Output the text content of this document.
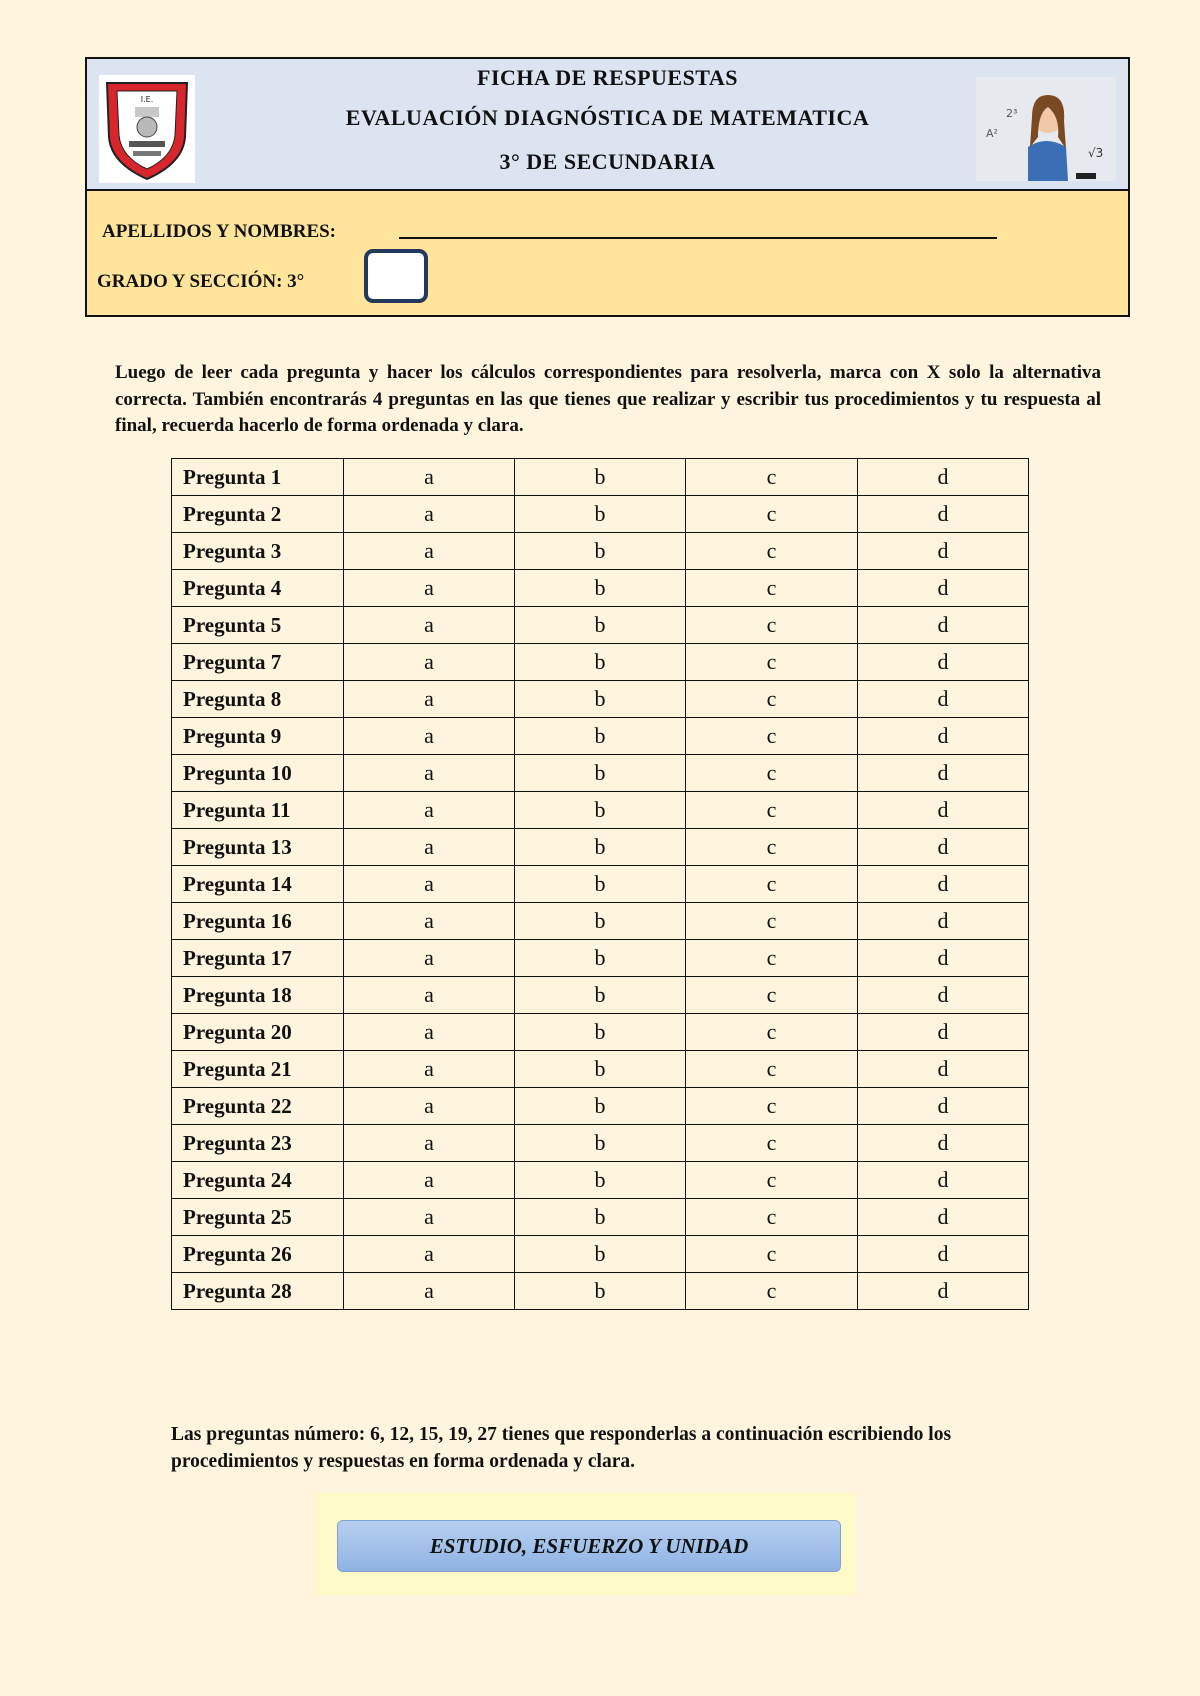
I.E.
FICHA DE RESPUESTAS
EVALUACIÓN DIAGNÓSTICA DE MATEMATICA
3° DE SECUNDARIA
A²
2³
√3
APELLIDOS Y NOMBRES:
GRADO Y SECCIÓN: 3°
Luego de leer cada pregunta y hacer los cálculos correspondientes para resolverla, marca con X solo la alternativa correcta. También encontrarás 4 preguntas en las que tienes que realizar y escribir tus procedimientos y tu respuesta al final, recuerda hacerlo de forma ordenada y clara.
Pregunta 1	a	b	c	d
Pregunta 2	a	b	c	d
Pregunta 3	a	b	c	d
Pregunta 4	a	b	c	d
Pregunta 5	a	b	c	d
Pregunta 7	a	b	c	d
Pregunta 8	a	b	c	d
Pregunta 9	a	b	c	d
Pregunta 10	a	b	c	d
Pregunta 11	a	b	c	d
Pregunta 13	a	b	c	d
Pregunta 14	a	b	c	d
Pregunta 16	a	b	c	d
Pregunta 17	a	b	c	d
Pregunta 18	a	b	c	d
Pregunta 20	a	b	c	d
Pregunta 21	a	b	c	d
Pregunta 22	a	b	c	d
Pregunta 23	a	b	c	d
Pregunta 24	a	b	c	d
Pregunta 25	a	b	c	d
Pregunta 26	a	b	c	d
Pregunta 28	a	b	c	d
Las preguntas número: 6, 12, 15, 19, 27 tienes que responderlas a continuación escribiendo los procedimientos y respuestas en forma ordenada y clara.
ESTUDIO, ESFUERZO Y UNIDAD
